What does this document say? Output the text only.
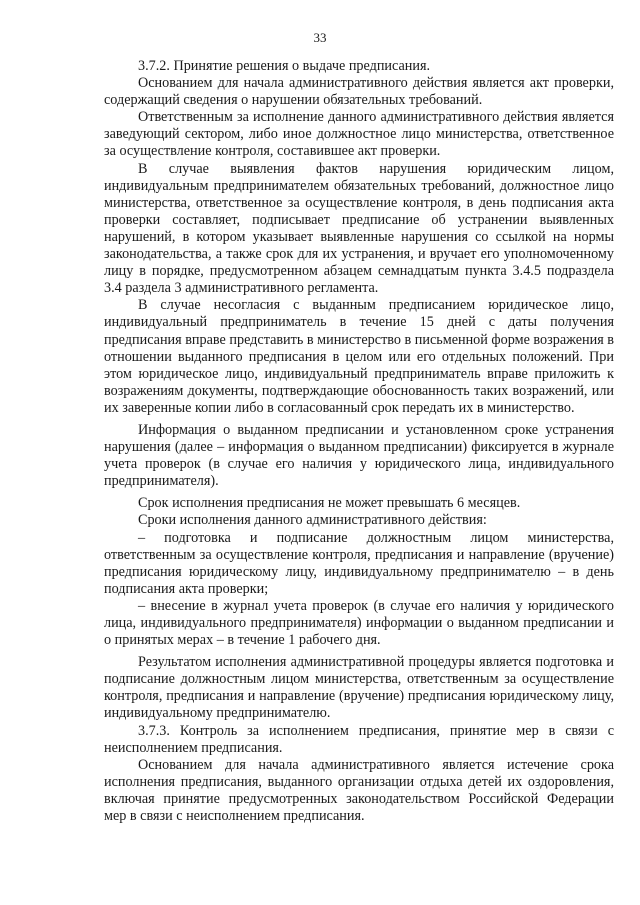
33

3.7.2. Принятие решения о выдаче предписания.

Основанием для начала административного действия является акт проверки, содержащий сведения о нарушении обязательных требований.

Ответственным за исполнение данного административного действия является заведующий сектором, либо иное должностное лицо министерства, ответственное за осуществление контроля, составившее акт проверки.

В случае выявления фактов нарушения юридическим лицом, индивидуальным предпринимателем обязательных требований, должностное лицо министерства, ответственное за осуществление контроля, в день подписания акта проверки составляет, подписывает предписание об устранении выявленных нарушений, в котором указывает выявленные нарушения со ссылкой на нормы законодательства, а также срок для их устранения, и вручает его уполномоченному лицу в порядке, предусмотренном абзацем семнадцатым пункта 3.4.5 подраздела 3.4 раздела 3 административного регламента.

В случае несогласия с выданным предписанием юридическое лицо, индивидуальный предприниматель в течение 15 дней с даты получения предписания вправе представить в министерство в письменной форме возражения в отношении выданного предписания в целом или его отдельных положений. При этом юридическое лицо, индивидуальный предприниматель вправе приложить к возражениям документы, подтверждающие обоснованность таких возражений, или их заверенные копии либо в согласованный срок передать их в министерство.

Информация о выданном предписании и установленном сроке устранения нарушения (далее – информация о выданном предписании) фиксируется в журнале учета проверок (в случае его наличия у юридического лица, индивидуального предпринимателя).

Срок исполнения предписания не может превышать 6 месяцев.

Сроки исполнения данного административного действия:

– подготовка и подписание должностным лицом министерства, ответственным за осуществление контроля, предписания и направление (вручение) предписания юридическому лицу, индивидуальному предпринимателю – в день подписания акта проверки;

– внесение в журнал учета проверок (в случае его наличия у юридического лица, индивидуального предпринимателя) информации о выданном предписании и о принятых мерах – в течение 1 рабочего дня.

Результатом исполнения административной процедуры является подготовка и подписание должностным лицом министерства, ответственным за осуществление контроля, предписания и направление (вручение) предписания юридическому лицу, индивидуальному предпринимателю.

3.7.3. Контроль за исполнением предписания, принятие мер в связи с неисполнением предписания.

Основанием для начала административного является истечение срока исполнения предписания, выданного организации отдыха детей их оздоровления, включая принятие предусмотренных законодательством Российской Федерации мер в связи с неисполнением предписания.
